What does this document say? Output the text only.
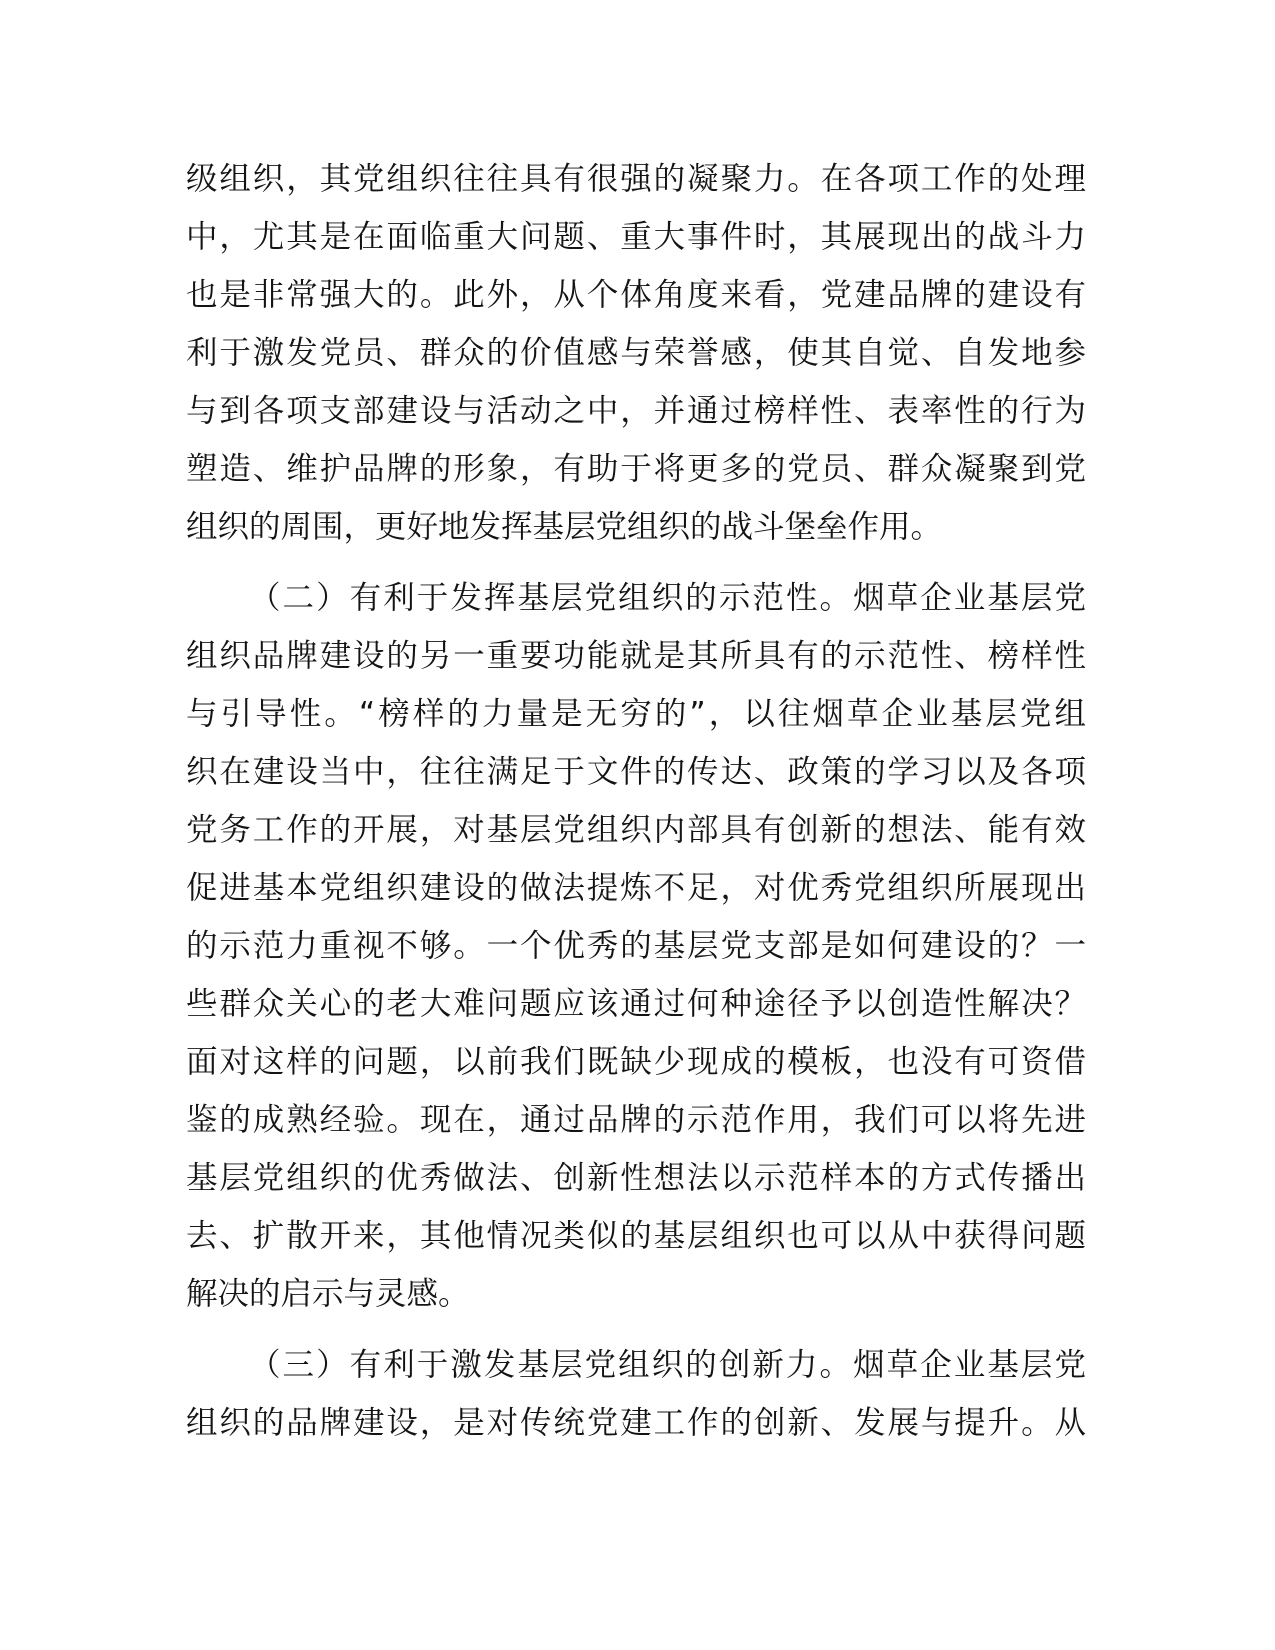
级组织，其党组织往往具有很强的凝聚力。在各项工作的处理
中，尤其是在面临重大问题、重大事件时，其展现出的战斗力
也是非常强大的。此外，从个体角度来看，党建品牌的建设有
利于激发党员、群众的价值感与荣誉感，使其自觉、自发地参
与到各项支部建设与活动之中，并通过榜样性、表率性的行为
塑造、维护品牌的形象，有助于将更多的党员、群众凝聚到党
组织的周围，更好地发挥基层党组织的战斗堡垒作用。
（二）有利于发挥基层党组织的示范性。烟草企业基层党
组织品牌建设的另一重要功能就是其所具有的示范性、榜样性
与引导性。“榜样的力量是无穷的”，以往烟草企业基层党组
织在建设当中，往往满足于文件的传达、政策的学习以及各项
党务工作的开展，对基层党组织内部具有创新的想法、能有效
促进基本党组织建设的做法提炼不足，对优秀党组织所展现出
的示范力重视不够。一个优秀的基层党支部是如何建设的？一
些群众关心的老大难问题应该通过何种途径予以创造性解决？
面对这样的问题，以前我们既缺少现成的模板，也没有可资借
鉴的成熟经验。现在，通过品牌的示范作用，我们可以将先进
基层党组织的优秀做法、创新性想法以示范样本的方式传播出
去、扩散开来，其他情况类似的基层组织也可以从中获得问题
解决的启示与灵感。
（三）有利于激发基层党组织的创新力。烟草企业基层党
组织的品牌建设，是对传统党建工作的创新、发展与提升。从
